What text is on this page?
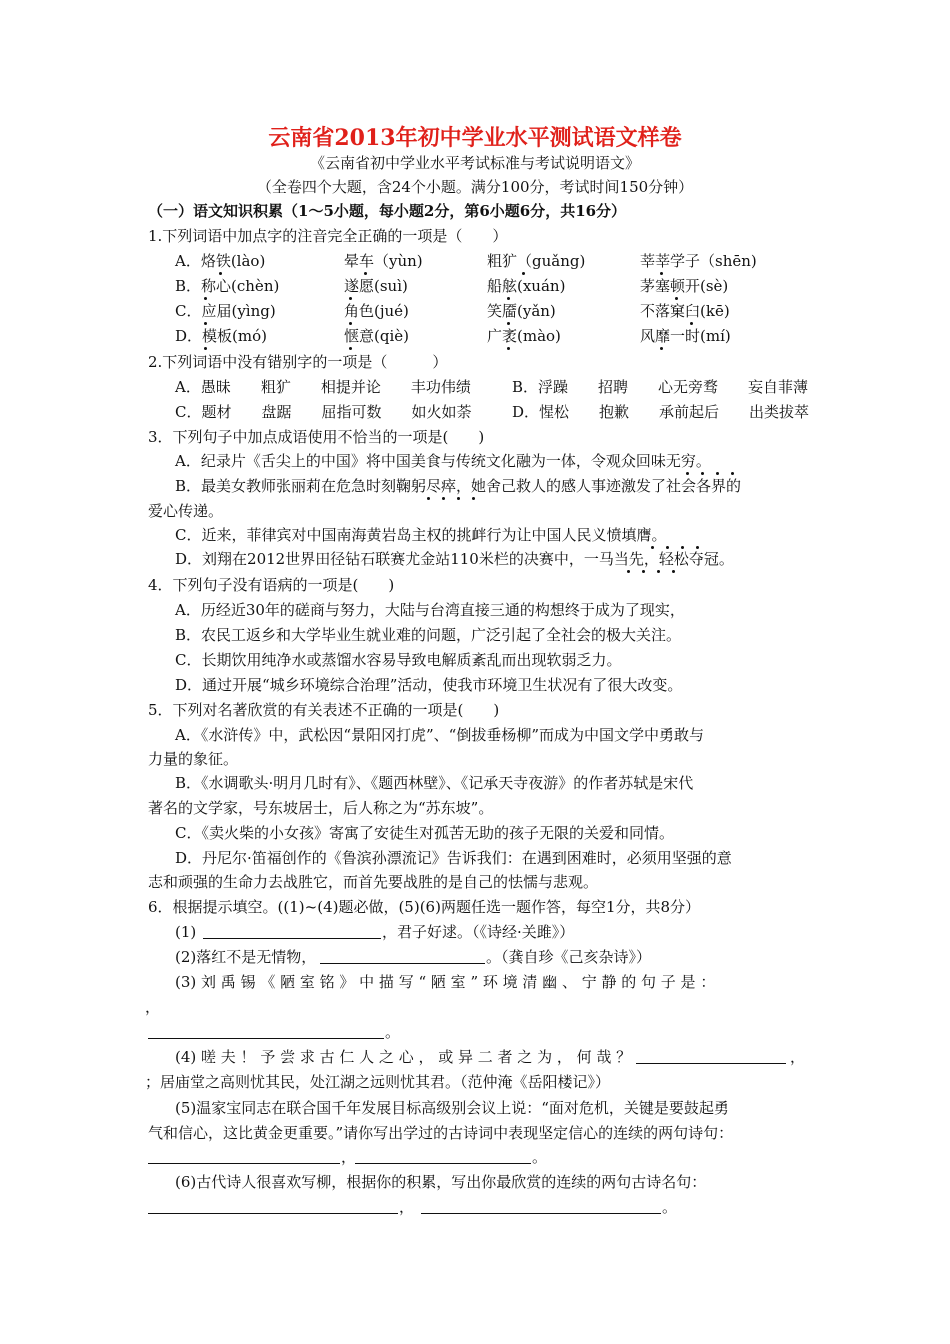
云南省2013年初中学业水平测试语文样卷
《云南省初中学业水平考试标准与考试说明语文》
（全卷四个大题，含24个小题。满分100分，考试时间150分钟）
（一）语文知识积累（1～5小题，每小题2分，第6小题6分，共16分）
1.下列词语中加点字的注音完全正确的一项是（　　）
A．烙铁(lào)	晕车（yùn)	粗犷（guǎng)	莘莘学子（shēn)
B．称心(chèn)	遂愿(suì)	船舷(xuán)	茅塞顿开(sè)
C．应届(yìng)	角色(jué)	笑靥(yǎn)	不落窠臼(kē)
D．模板(mó)	惬意(qiè)	广袤(mào)	风靡一时(mí)
2.下列词语中没有错别字的一项是（　　　）
A．愚昧　　粗犷　　相提并论　　丰功伟绩	B．浮躁　　招聘　　心无旁骛　　妄自菲薄
C．题材　　盘踞　　屈指可数　　如火如荼	D．惺松　　抱歉　　承前起后　　出类拔萃
3．下列句子中加点成语使用不恰当的一项是(　　)
A．纪录片《舌尖上的中国》将中国美食与传统文化融为一体，令观众回味无穷。
B．最美女教师张丽莉在危急时刻鞠躬尽瘁，她舍己救人的感人事迹激发了社会各界的
爱心传递。
C．近来，菲律宾对中国南海黄岩岛主权的挑衅行为让中国人民义愤填膺。
D．刘翔在2012世界田径钻石联赛尤金站110米栏的决赛中，一马当先，轻松夺冠。
4．下列句子没有语病的一项是(　　)
A．历经近30年的磋商与努力，大陆与台湾直接三通的构想终于成为了现实，
B．农民工返乡和大学毕业生就业难的问题，广泛引起了全社会的极大关注。
C．长期饮用纯净水或蒸馏水容易导致电解质紊乱而出现软弱乏力。
D．通过开展“城乡环境综合治理”活动，使我市环境卫生状况有了很大改变。
5．下列对名著欣赏的有关表述不正确的一项是(　　)
A．《水浒传》中，武松因“景阳冈打虎”、“倒拔垂杨柳”而成为中国文学中勇敢与
力量的象征。
B．《水调歌头·明月几时有》、《题西林壁》、《记承天寺夜游》的作者苏轼是宋代
著名的文学家，号东坡居士，后人称之为“苏东坡”。
C．《卖火柴的小女孩》寄寓了安徒生对孤苦无助的孩子无限的关爱和同情。
D．丹尼尔·笛福创作的《鲁滨孙漂流记》告诉我们：在遇到困难时，必须用坚强的意
志和顽强的生命力去战胜它，而首先要战胜的是自己的怯懦与悲观。
6．根据提示填空。((1)~(4)题必做，(5)(6)两题任选一题作答，每空1分，共8分）
(1)	，君子好逑。（《诗经·关雎》）
(2)落红不是无情物，	。（龚自珍《己亥杂诗》）
(3) 刘 禹 锡 《 陋 室 铭 》 中 描 写 “ 陋 室 ” 环 境 清 幽 、 宁 静 的 句 子 是 ：
，
。
(4) 嗟 夫 ！ 予 尝 求 古 仁 人 之 心 ， 或 异 二 者 之 为 ， 何 哉 ？	，
；居庙堂之高则忧其民，处江湖之远则忧其君。（范仲淹《岳阳楼记》）
(5)温家宝同志在联合国千年发展目标高级别会议上说：“面对危机，关键是要鼓起勇
气和信心，这比黄金更重要。”请你写出学过的古诗词中表现坚定信心的连续的两句诗句：
，	。
(6)古代诗人很喜欢写柳，根据你的积累，写出你最欣赏的连续的两句古诗名句：
，	。
